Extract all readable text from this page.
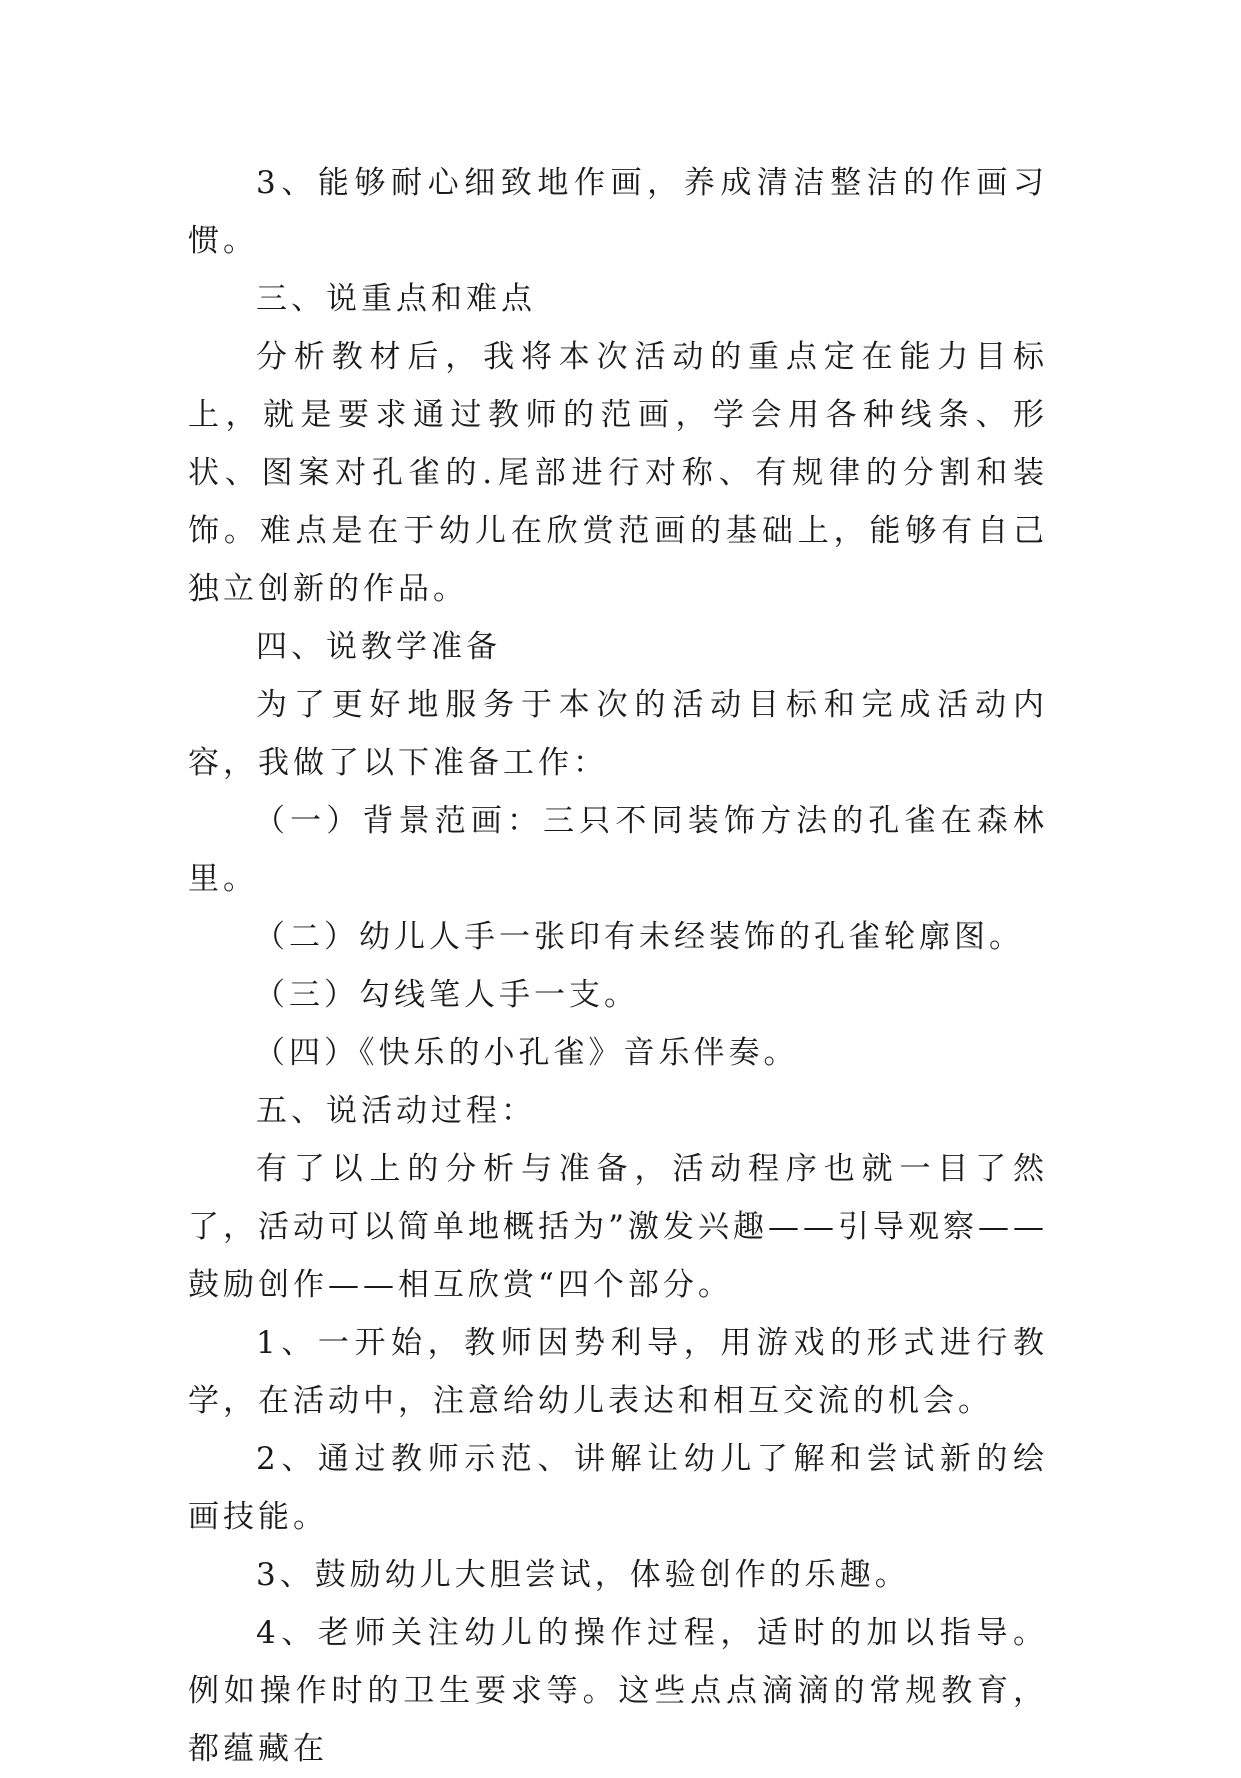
3、能够耐心细致地作画，养成清洁整洁的作画习惯。

三、说重点和难点

分析教材后，我将本次活动的重点定在能力目标上，就是要求通过教师的范画，学会用各种线条、形状、图案对孔雀的.尾部进行对称、有规律的分割和装饰。难点是在于幼儿在欣赏范画的基础上，能够有自己独立创新的作品。

四、说教学准备

为了更好地服务于本次的活动目标和完成活动内容，我做了以下准备工作：

（一）背景范画：三只不同装饰方法的孔雀在森林里。

（二）幼儿人手一张印有未经装饰的孔雀轮廓图。

（三）勾线笔人手一支。

（四）《快乐的小孔雀》音乐伴奏。

五、说活动过程：

有了以上的分析与准备，活动程序也就一目了然了，活动可以简单地概括为”激发兴趣——引导观察——鼓励创作——相互欣赏“四个部分。

1、一开始，教师因势利导，用游戏的形式进行教学，在活动中，注意给幼儿表达和相互交流的机会。

2、通过教师示范、讲解让幼儿了解和尝试新的绘画技能。

3、鼓励幼儿大胆尝试，体验创作的乐趣。

4、老师关注幼儿的操作过程，适时的加以指导。例如操作时的卫生要求等。这些点点滴滴的常规教育，都蕴藏在
